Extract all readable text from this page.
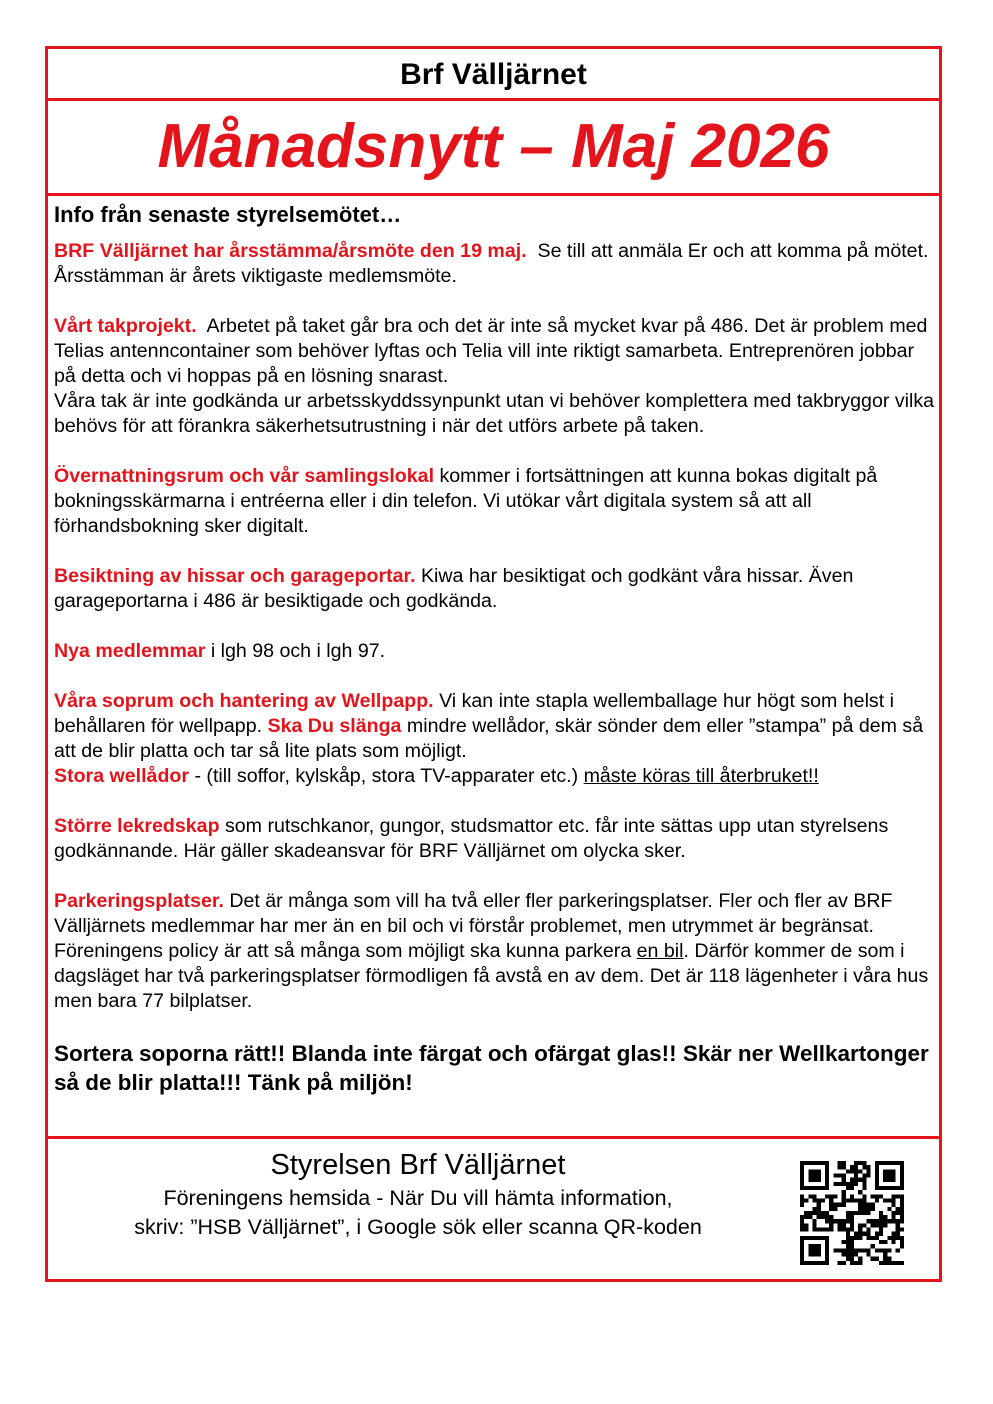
Brf Välljärnet
Månadsnytt – Maj 2026
Info från senaste styrelsemötet…

BRF Välljärnet har årsstämma/årsmöte den 19 maj.  Se till att anmäla Er och att komma på mötet. Årsstämman är årets viktigaste medlemsmöte.

Vårt takprojekt.  Arbetet på taket går bra och det är inte så mycket kvar på 486. Det är problem med Telias antenncontainer som behöver lyftas och Telia vill inte riktigt samarbeta. Entreprenören jobbar på detta och vi hoppas på en lösning snarast.
Våra tak är inte godkända ur arbetsskyddssynpunkt utan vi behöver komplettera med takbryggor vilka behövs för att förankra säkerhetsutrustning i när det utförs arbete på taken.

Övernattningsrum och vår samlingslokal kommer i fortsättningen att kunna bokas digitalt på bokningsskärmarna i entréerna eller i din telefon. Vi utökar vårt digitala system så att all förhandsbokning sker digitalt.

Besiktning av hissar och garageportar. Kiwa har besiktigat och godkänt våra hissar. Även garageportarna i 486 är besiktigade och godkända.

Nya medlemmar i lgh 98 och i lgh 97.

Våra soprum och hantering av Wellpapp. Vi kan inte stapla wellemballage hur högt som helst i behållaren för wellpapp. Ska Du slänga mindre wellådor, skär sönder dem eller ”stampa” på dem så att de blir platta och tar så lite plats som möjligt.
Stora wellådor - (till soffor, kylskåp, stora TV-apparater etc.) måste köras till återbruket!!

Större lekredskap som rutschkanor, gungor, studsmattor etc. får inte sättas upp utan styrelsens godkännande. Här gäller skadeansvar för BRF Välljärnet om olycka sker.

Parkeringsplatser. Det är många som vill ha två eller fler parkeringsplatser. Fler och fler av BRF Välljärnets medlemmar har mer än en bil och vi förstår problemet, men utrymmet är begränsat. Föreningens policy är att så många som möjligt ska kunna parkera en bil. Därför kommer de som i dagsläget har två parkeringsplatser förmodligen få avstå en av dem. Det är 118 lägenheter i våra hus men bara 77 bilplatser.

Sortera soporna rätt!! Blanda inte färgat och ofärgat glas!! Skär ner Wellkartonger så de blir platta!!! Tänk på miljön!
Styrelsen Brf Välljärnet
Föreningens hemsida - När Du vill hämta information,
skriv: ”HSB Välljärnet”, i Google sök eller scanna QR-koden
